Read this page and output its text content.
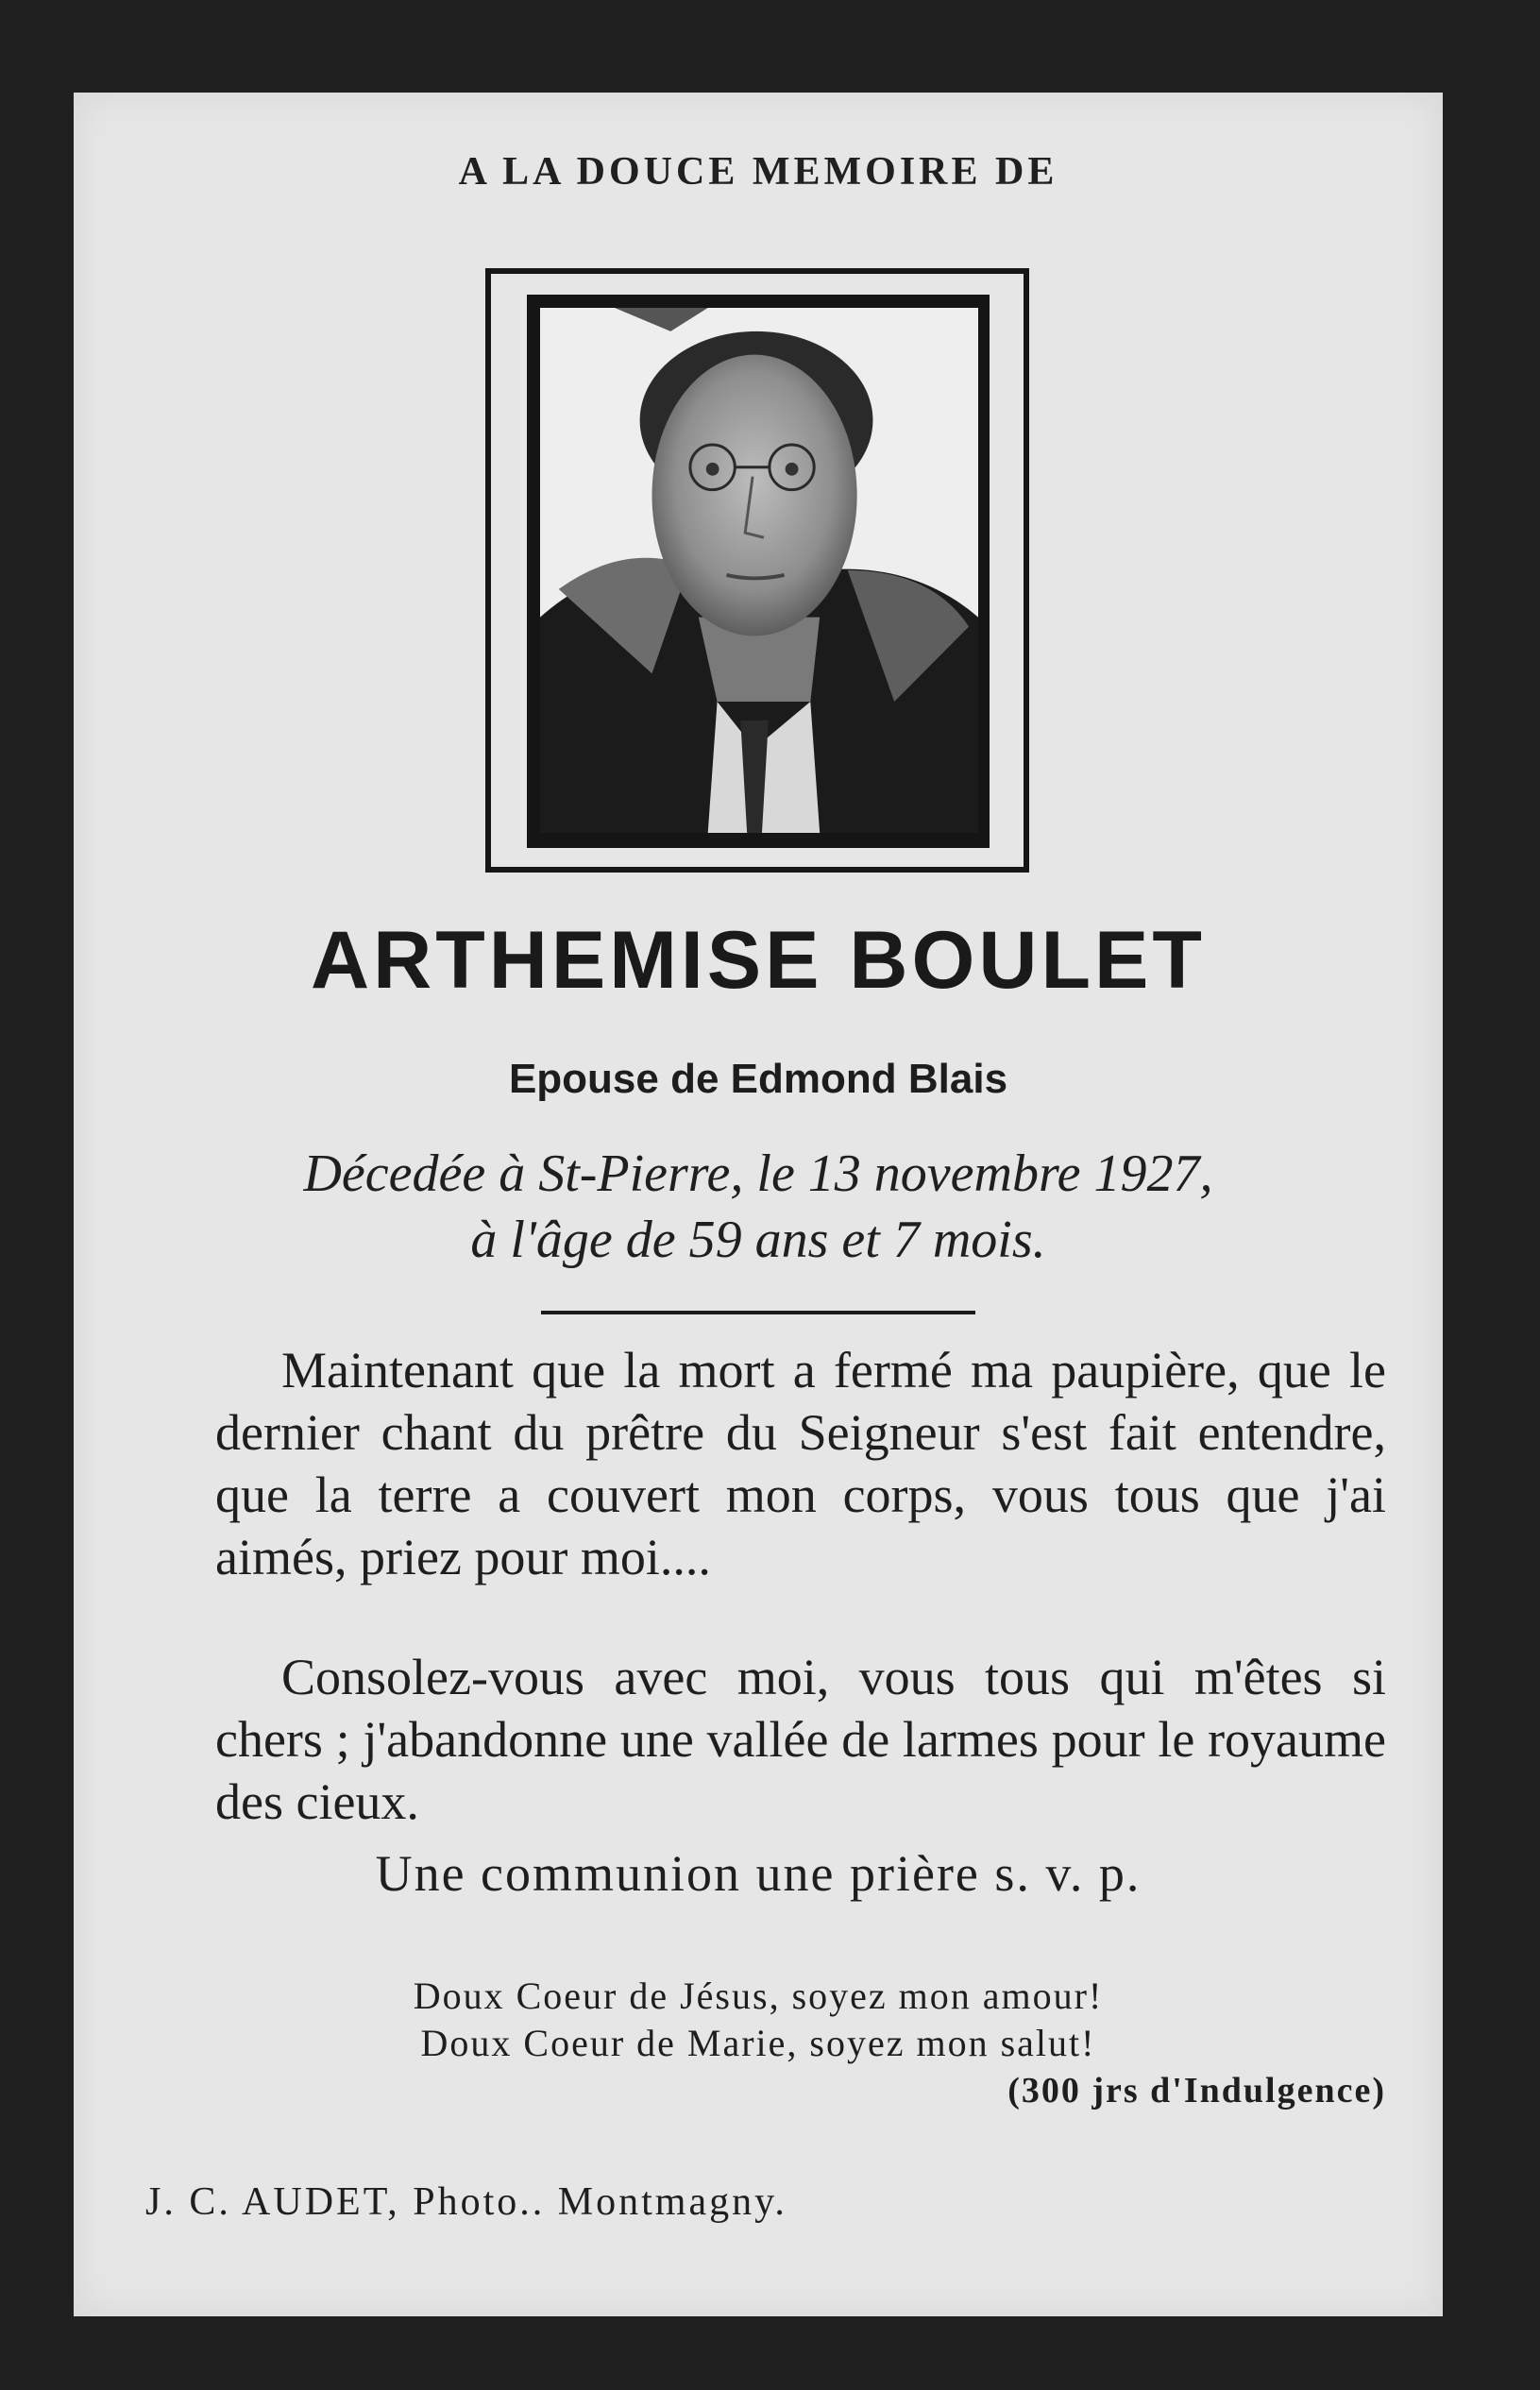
A LA DOUCE MEMOIRE DE
ARTHEMISE BOULET
Epouse de Edmond Blais
Décedée à St-Pierre, le 13 novembre 1927,
à l'âge de 59 ans et 7 mois.
Maintenant que la mort a fermé ma paupière, que le dernier chant du prêtre du Seigneur s'est fait entendre, que la terre a couvert mon corps, vous tous que j'ai aimés, priez pour moi....
Consolez-vous avec moi, vous tous qui m'êtes si chers ; j'abandonne une vallée de larmes pour le royaume des cieux.
Une communion une prière s. v. p.
Doux Coeur de Jésus, soyez mon amour!
Doux Coeur de Marie, soyez mon salut!
(300 jrs d'Indulgence)
J. C. AUDET, Photo.. Montmagny.
